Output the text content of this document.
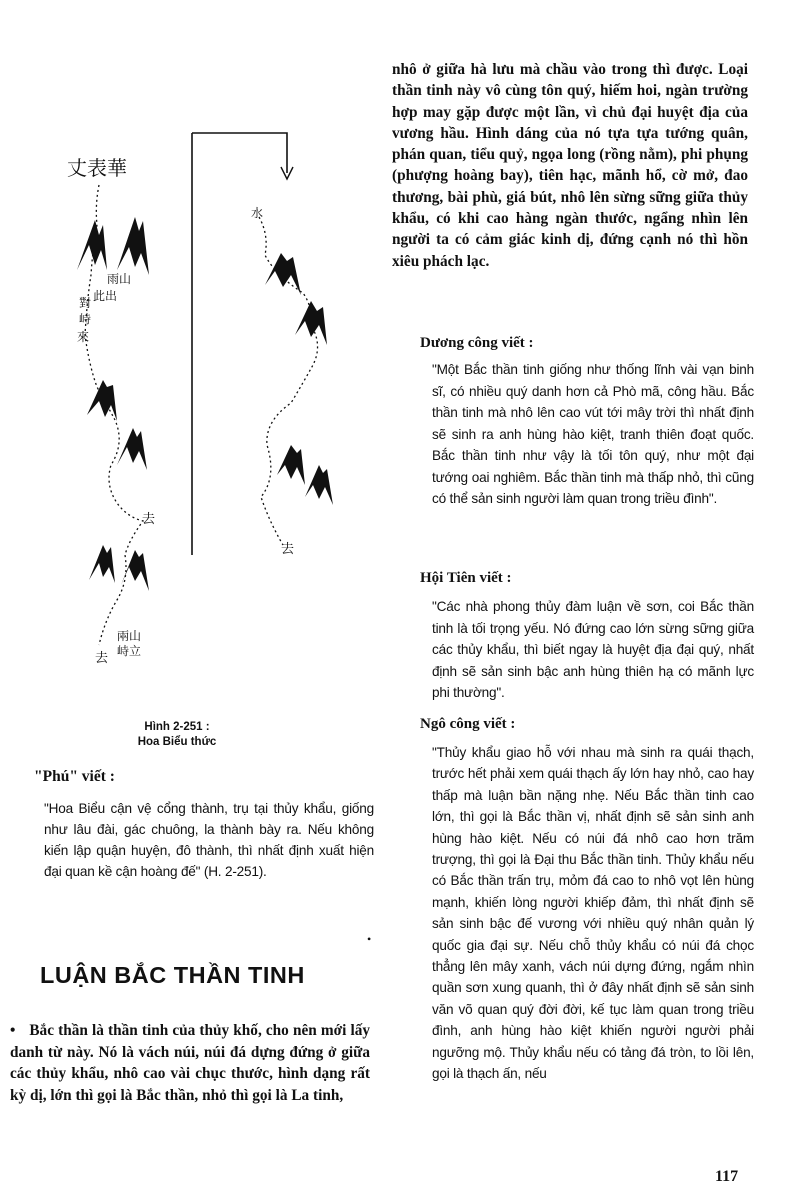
丈表華
雨山
此出
對
峙
來
去
兩山
峙立
去
水
去
Hình 2-251 :
Hoa Biểu thức
"Phú" viết :

"Hoa Biểu cận vệ cổng thành, trụ tại thủy khẩu, giống như lâu đài, gác chuông, la thành bày ra. Nếu không kiến lập quận huyện, đô thành, thì nhất định xuất hiện đại quan kề cận hoàng đế" (H. 2-251).

•
LUẬN BẮC THẦN TINH

• Bắc thần là thần tinh của thủy khố, cho nên mới lấy danh từ này. Nó là vách núi, núi đá dựng đứng ở giữa các thủy khẩu, nhô cao vài chục thước, hình dạng rất kỳ dị, lớn thì gọi là Bắc thần, nhỏ thì gọi là La tinh,

nhô ở giữa hà lưu mà chầu vào trong thì được. Loại thần tinh này vô cùng tôn quý, hiếm hoi, ngàn trường hợp may gặp được một lần, vì chủ đại huyệt địa của vương hầu. Hình dáng của nó tựa tựa tướng quân, phán quan, tiểu quỷ, ngọa long (rồng nằm), phi phụng (phượng hoàng bay), tiên hạc, mãnh hổ, cờ mở, đao thương, bài phù, giá bút, nhô lên sừng sững giữa thủy khẩu, có khi cao hàng ngàn thước, ngẩng nhìn lên người ta có cảm giác kinh dị, đứng cạnh nó thì hồn xiêu phách lạc.

Dương công viết :

"Một Bắc thần tinh giống như thống lĩnh vài vạn binh sĩ, có nhiều quý danh hơn cả Phò mã, công hầu. Bắc thần tinh mà nhô lên cao vút tới mây trời thì nhất định sẽ sinh ra anh hùng hào kiệt, tranh thiên đoạt quốc. Bắc thần tinh như vậy là tối tôn quý, như một đại tướng oai nghiêm. Bắc thần tinh mà thấp nhỏ, thì cũng có thể sản sinh người làm quan trong triều đình".

Hội Tiên viết :

"Các nhà phong thủy đàm luận về sơn, coi Bắc thần tinh là tối trọng yếu. Nó đứng cao lớn sừng sững giữa các thủy khẩu, thì biết ngay là huyệt địa đại quý, nhất định sẽ sản sinh bậc anh hùng thiên hạ có mãnh lực phi thường".

Ngô công viết :

"Thủy khẩu giao hỗ với nhau mà sinh ra quái thạch, trước hết phải xem quái thạch ấy lớn hay nhỏ, cao hay thấp mà luận bần nặng nhẹ. Nếu Bắc thần tinh cao lớn, thì gọi là Bắc thần vị, nhất định sẽ sản sinh anh hùng hào kiệt. Nếu có núi đá nhô cao hơn trăm trượng, thì gọi là Đại thu Bắc thần tinh. Thủy khẩu nếu có Bắc thần trấn trụ, mỏm đá cao to nhô vọt lên hùng mạnh, khiến lòng người khiếp đảm, thì nhất định sẽ sản sinh bậc đế vương với nhiều quý nhân quản lý quốc gia đại sự. Nếu chỗ thủy khẩu có núi đá chọc thẳng lên mây xanh, vách núi dựng đứng, ngắm nhìn quần sơn xung quanh, thì ở đây nhất định sẽ sản sinh văn võ quan quý đời đời, kế tục làm quan trong triều đình, anh hùng hào kiệt khiến người người phải ngưỡng mộ. Thủy khẩu nếu có tảng đá tròn, to lồi lên, gọi là thạch ấn, nếu

117
